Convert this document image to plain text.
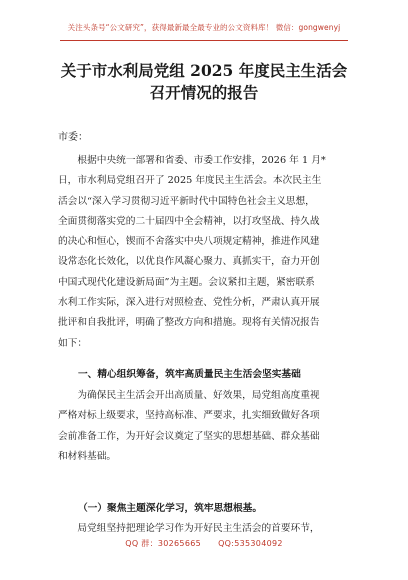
关注头条号“公文研究”，获得最新最全最专业的公文资料库！ 微信：gongwenyj
关于市水利局党组 2025 年度民主生活会
召开情况的报告
市委：
根据中央统一部署和省委、市委工作安排，2026 年 1 月*
日，市水利局党组召开了 2025 年度民主生活会。本次民主生
活会以“深入学习贯彻习近平新时代中国特色社会主义思想，
全面贯彻落实党的二十届四中全会精神，以打攻坚战、持久战
的决心和恒心，锲而不舍落实中央八项规定精神，推进作风建
设常态化长效化，以优良作风凝心聚力、真抓实干，奋力开创
中国式现代化建设新局面”为主题。会议紧扣主题，紧密联系
水利工作实际，深入进行对照检查、党性分析，严肃认真开展
批评和自我批评，明确了整改方向和措施。现将有关情况报告
如下：
一、精心组织筹备，筑牢高质量民主生活会坚实基础
为确保民主生活会开出高质量、好效果，局党组高度重视
严格对标上级要求，坚持高标准、严要求，扎实细致做好各项
会前准备工作，为开好会议奠定了坚实的思想基础、群众基础
和材料基础。
（一）聚焦主题深化学习，筑牢思想根基。
局党组坚持把理论学习作为开好民主生活会的首要环节，
QQ 群：30265665 QQ:535304092
